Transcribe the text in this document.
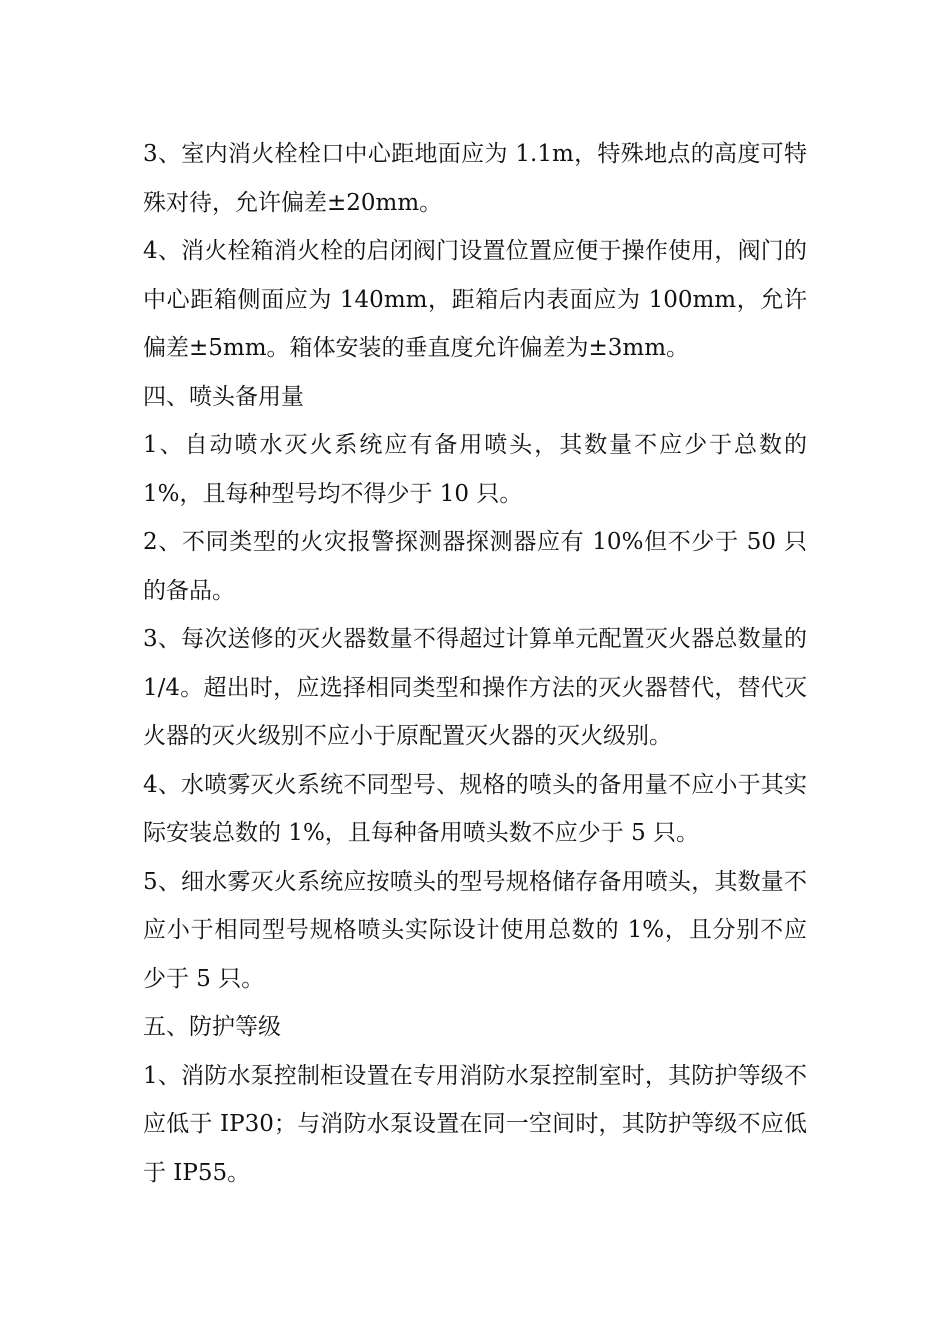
3、室内消火栓栓口中心距地面应为 1.1m，特殊地点的高度可特殊对待，允许偏差±20mm。

4、消火栓箱消火栓的启闭阀门设置位置应便于操作使用，阀门的中心距箱侧面应为 140mm，距箱后内表面应为 100mm，允许偏差±5mm。箱体安装的垂直度允许偏差为±3mm。

四、喷头备用量

1、自动喷水灭火系统应有备用喷头，其数量不应少于总数的1%，且每种型号均不得少于 10 只。

2、不同类型的火灾报警探测器探测器应有 10%但不少于 50 只的备品。

3、每次送修的灭火器数量不得超过计算单元配置灭火器总数量的 1/4。超出时，应选择相同类型和操作方法的灭火器替代，替代灭火器的灭火级别不应小于原配置灭火器的灭火级别。

4、水喷雾灭火系统不同型号、规格的喷头的备用量不应小于其实际安装总数的 1%，且每种备用喷头数不应少于 5 只。

5、细水雾灭火系统应按喷头的型号规格储存备用喷头，其数量不应小于相同型号规格喷头实际设计使用总数的 1%，且分别不应少于 5 只。

五、防护等级

1、消防水泵控制柜设置在专用消防水泵控制室时，其防护等级不应低于 IP30；与消防水泵设置在同一空间时，其防护等级不应低于 IP55。
